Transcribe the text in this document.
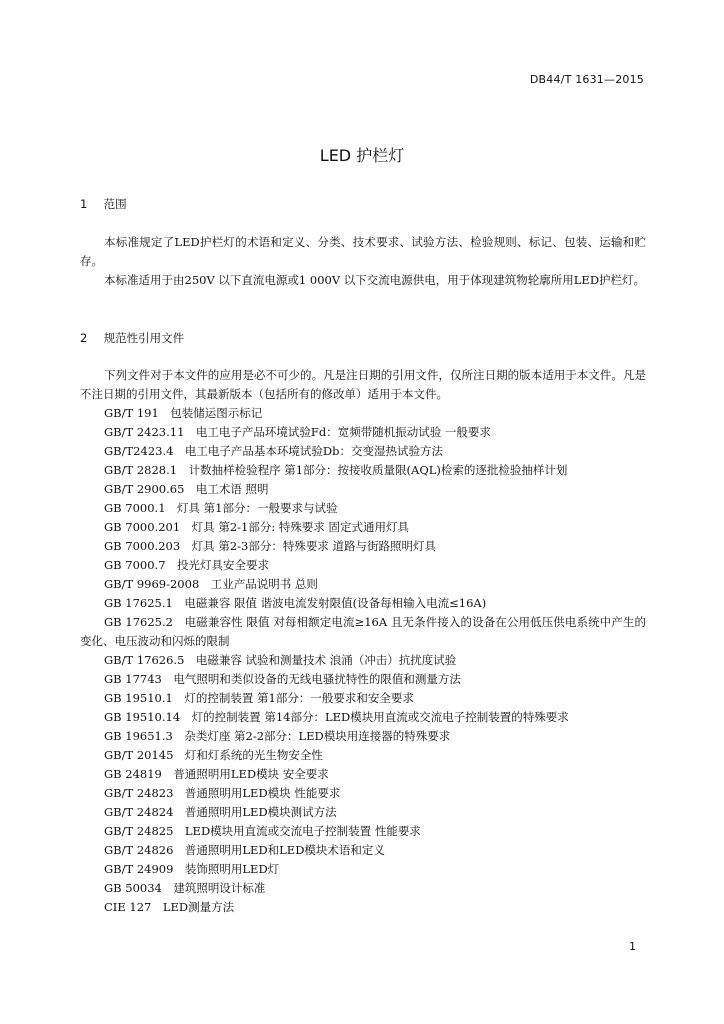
DB44/T 1631—2015
LED 护栏灯
1 范围
本标准规定了LED护栏灯的术语和定义、分类、技术要求、试验方法、检验规则、标记、包装、运输和贮存。
本标准适用于由250V 以下直流电源或1 000V 以下交流电源供电，用于体现建筑物轮廓所用LED护栏灯。
2 规范性引用文件
下列文件对于本文件的应用是必不可少的。凡是注日期的引用文件，仅所注日期的版本适用于本文件。凡是不注日期的引用文件，其最新版本（包括所有的修改单）适用于本文件。
GB/T 191　包装储运图示标记
GB/T 2423.11　电工电子产品环境试验Fd：宽频带随机振动试验 一般要求
GB/T2423.4　电工电子产品基本环境试验Db：交变湿热试验方法
GB/T 2828.1　计数抽样检验程序 第1部分：按接收质量限(AQL)检索的逐批检验抽样计划
GB/T 2900.65　电工术语 照明
GB 7000.1　灯具 第1部分：一般要求与试验
GB 7000.201　灯具 第2-1部分: 特殊要求 固定式通用灯具
GB 7000.203　灯具 第2-3部分：特殊要求 道路与街路照明灯具
GB 7000.7　投光灯具安全要求
GB/T 9969-2008　工业产品说明书 总则
GB 17625.1　电磁兼容 限值 谐波电流发射限值(设备每相输入电流≤16A)
GB 17625.2　电磁兼容性 限值 对每相额定电流≥16A 且无条件接入的设备在公用低压供电系统中产生的变化、电压波动和闪烁的限制
GB/T 17626.5　电磁兼容 试验和测量技术 浪涌（冲击）抗扰度试验
GB 17743　电气照明和类似设备的无线电骚扰特性的限值和测量方法
GB 19510.1　灯的控制装置 第1部分：一般要求和安全要求
GB 19510.14　灯的控制装置 第14部分：LED模块用直流或交流电子控制装置的特殊要求
GB 19651.3　杂类灯座 第2-2部分：LED模块用连接器的特殊要求
GB/T 20145　灯和灯系统的光生物安全性
GB 24819　普通照明用LED模块 安全要求
GB/T 24823　普通照明用LED模块 性能要求
GB/T 24824　普通照明用LED模块测试方法
GB/T 24825　LED模块用直流或交流电子控制装置 性能要求
GB/T 24826　普通照明用LED和LED模块术语和定义
GB/T 24909　装饰照明用LED灯
GB 50034　建筑照明设计标准
CIE 127　LED测量方法
1
